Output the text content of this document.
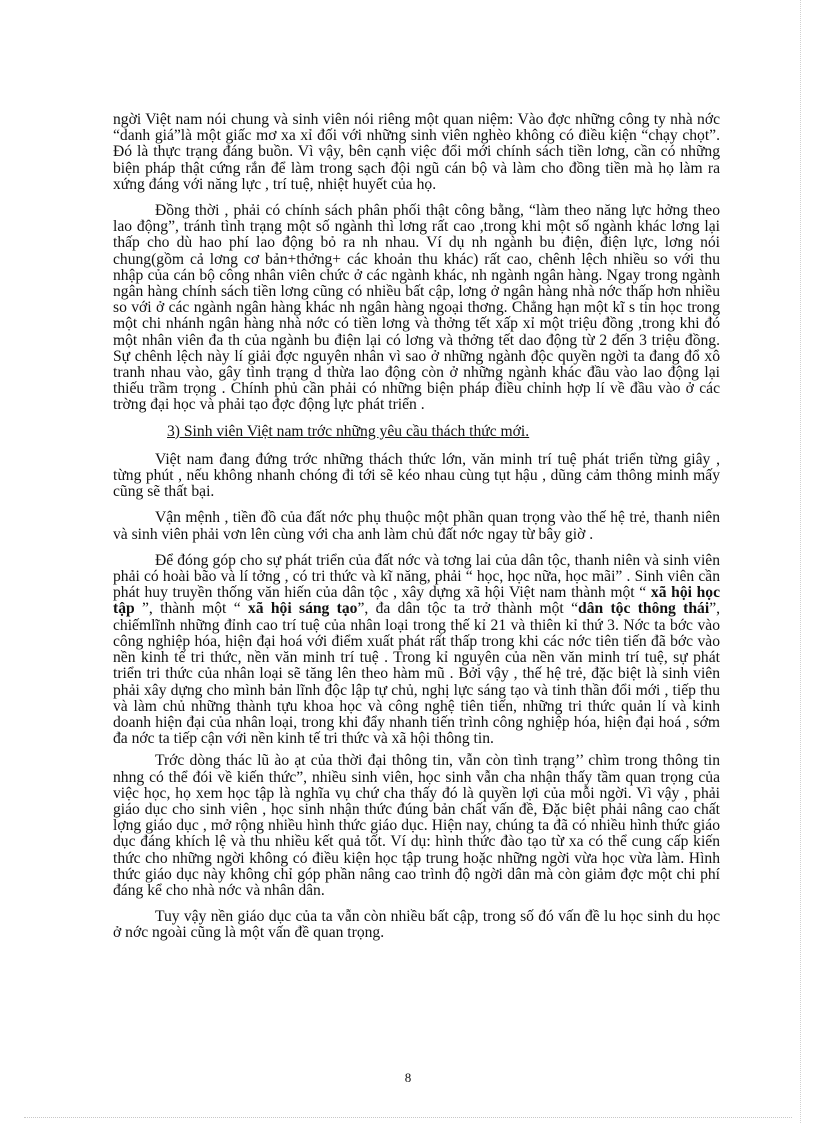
ngời Việt nam nói chung và sinh viên nói riêng một quan niệm: Vào đợc những công ty nhà nớc “danh giá”là một giấc mơ xa xỉ đối với những sinh viên nghèo không có điều kiện “chạy chọt”. Đó là thực trạng đáng buồn. Vì vậy, bên cạnh việc đổi mới chính sách tiền lơng, cần có những biện pháp thật cứng rắn để làm trong sạch đội ngũ cán bộ và làm cho đồng tiền mà họ làm ra xứng đáng với năng lực , trí tuệ, nhiệt huyết của họ.

Đồng thời , phải có chính sách phân phối thật công bằng, “làm theo năng lực hởng theo lao động”, tránh tình trạng một số ngành thì lơng rất cao ,trong khi một số ngành khác lơng lại thấp cho dù hao phí lao động bỏ ra nh nhau. Ví dụ nh ngành bu điện, điện lực, lơng nói chung(gồm cả lơng cơ bản+thởng+ các khoản thu khác) rất cao, chênh lệch nhiều so với thu nhập của cán bộ công nhân viên chức ở các ngành khác, nh ngành ngân hàng. Ngay trong ngành ngân hàng chính sách tiền lơng cũng có nhiều bất cập, lơng ở ngân hàng nhà nớc thấp hơn nhiều so với ở các ngành ngân hàng khác nh ngân hàng ngoại thơng. Chẳng hạn một kĩ s tin học trong một chi nhánh ngân hàng nhà nớc có tiền lơng và thởng tết xấp xỉ một triệu đồng ,trong khi đó một nhân viên đa th của ngành bu điện lại có lơng và thởng tết dao động từ 2 đến 3 triệu đồng. Sự chênh lệch này lí giải đợc nguyên nhân vì sao ở những ngành độc quyền ngời ta đang đổ xô tranh nhau vào, gây tình trạng d thừa lao động còn ở những ngành khác đầu vào lao động lại thiếu trầm trọng . Chính phủ cần phải có những biện pháp điều chỉnh hợp lí về đầu vào ở các trờng đại học và phải tạo đợc động lực phát triển .

3) Sinh viên Việt nam trớc những yêu cầu thách thức mới.

Việt nam đang đứng trớc những thách thức lớn, văn minh trí tuệ phát triển từng giây , từng phút , nếu không nhanh chóng đi tới sẽ kéo nhau cùng tụt hậu , dũng cảm thông minh mấy cũng sẽ thất bại.

Vận mệnh , tiền đồ của đất nớc phụ thuộc một phần quan trọng vào thế hệ trẻ, thanh niên và sinh viên phải vơn lên cùng với cha anh làm chủ đất nớc ngay từ bây giờ .

Để đóng góp cho sự phát triển của đất nớc và tơng lai của dân tộc, thanh niên và sinh viên phải có hoài bão và lí tởng , có tri thức và kĩ năng, phải “ học, học nữa, học mãi” . Sinh viên cần phát huy truyền thống văn hiến của dân tộc , xây dựng xã hội Việt nam thành một “ xã hội học tập ”, thành một “ xã hội sáng tạo”, đa dân tộc ta trở thành một “dân tộc thông thái”, chiếmlĩnh những đỉnh cao trí tuệ của nhân loại trong thế kỉ 21 và thiên kỉ thứ 3. Nớc ta bớc vào công nghiệp hóa, hiện đại hoá với điểm xuất phát rất thấp trong khi các nớc tiên tiến đã bớc vào nền kinh tế tri thức, nền văn minh trí tuệ . Trong kỉ nguyên của nền văn minh trí tuệ, sự phát triển tri thức của nhân loại sẽ tăng lên theo hàm mũ . Bởi vậy , thế hệ trẻ, đặc biệt là sinh viên phải xây dựng cho mình bản lĩnh độc lập tự chủ, nghị lực sáng tạo và tinh thần đổi mới , tiếp thu và làm chủ những thành tựu khoa học và công nghệ tiên tiến, những tri thức quản lí và kinh doanh hiện đại của nhân loại, trong khi đẩy nhanh tiến trình công nghiệp hóa, hiện đại hoá , sớm đa nớc ta tiếp cận với nền kinh tế tri thức và xã hội thông tin.

Trớc dòng thác lũ ào ạt của thời đại thông tin, vẫn còn tình trạng’’ chìm trong thông tin nhng có thể đói về kiến thức”, nhiều sinh viên, học sinh vẫn cha nhận thấy tầm quan trọng của việc học, họ xem học tập là nghĩa vụ chứ cha thấy đó là quyền lợi của mỗi ngời. Vì vậy , phải giáo dục cho sinh viên , học sinh nhận thức đúng bản chất vấn đề, Đặc biệt phải nâng cao chất lợng giáo dục , mở rộng nhiều hình thức giáo dục. Hiện nay, chúng ta đã có nhiều hình thức giáo dục đáng khích lệ và thu nhiều kết quả tốt. Ví dụ: hình thức đào tạo từ xa có thể cung cấp kiến thức cho những ngời không có điều kiện học tập trung hoặc những ngời vừa học vừa làm. Hình thức giáo dục này không chỉ góp phần nâng cao trình độ ngời dân mà còn giảm đợc một chi phí đáng kể cho nhà nớc và nhân dân.

Tuy vậy nền giáo dục của ta vẫn còn nhiều bất cập, trong số đó vấn đề lu học sinh du học ở nớc ngoài cũng là một vấn đề quan trọng.

8
